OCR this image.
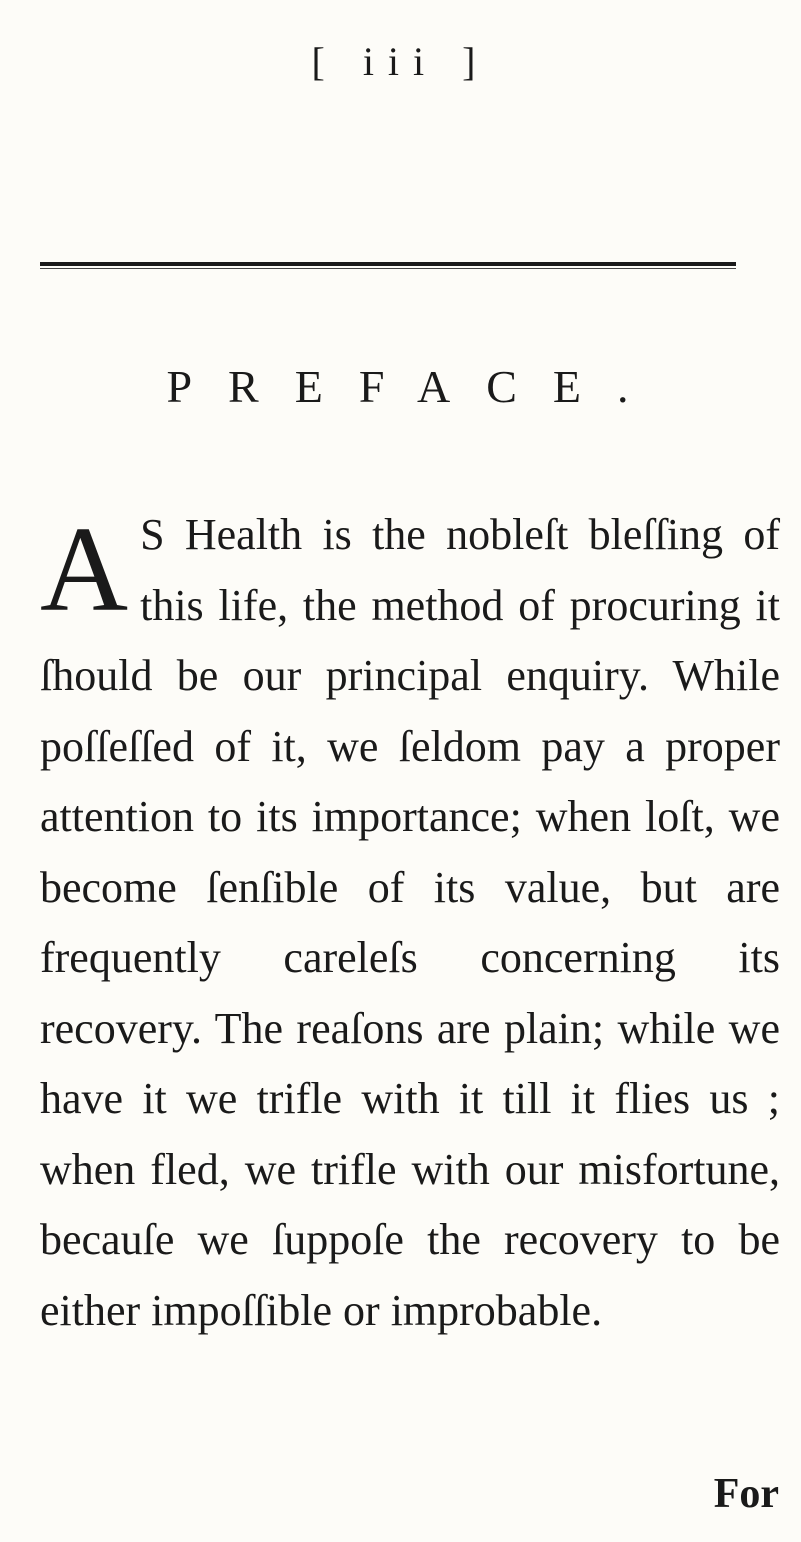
[ iii ]
PREFACE.

A S Health is the nobleſt bleſſing of this life, the method of procuring it ſhould be our principal enquiry. While poſſeſſed of it, we ſeldom pay a proper attention to its importance; when loſt, we become ſenſible of its value, but are frequently careleſs concerning its recovery. The reaſons are plain; while we have it we trifle with it till it flies us ; when fled, we trifle with our misfortune, becauſe we ſuppoſe the recovery to be either impoſſible or improbable.

For
